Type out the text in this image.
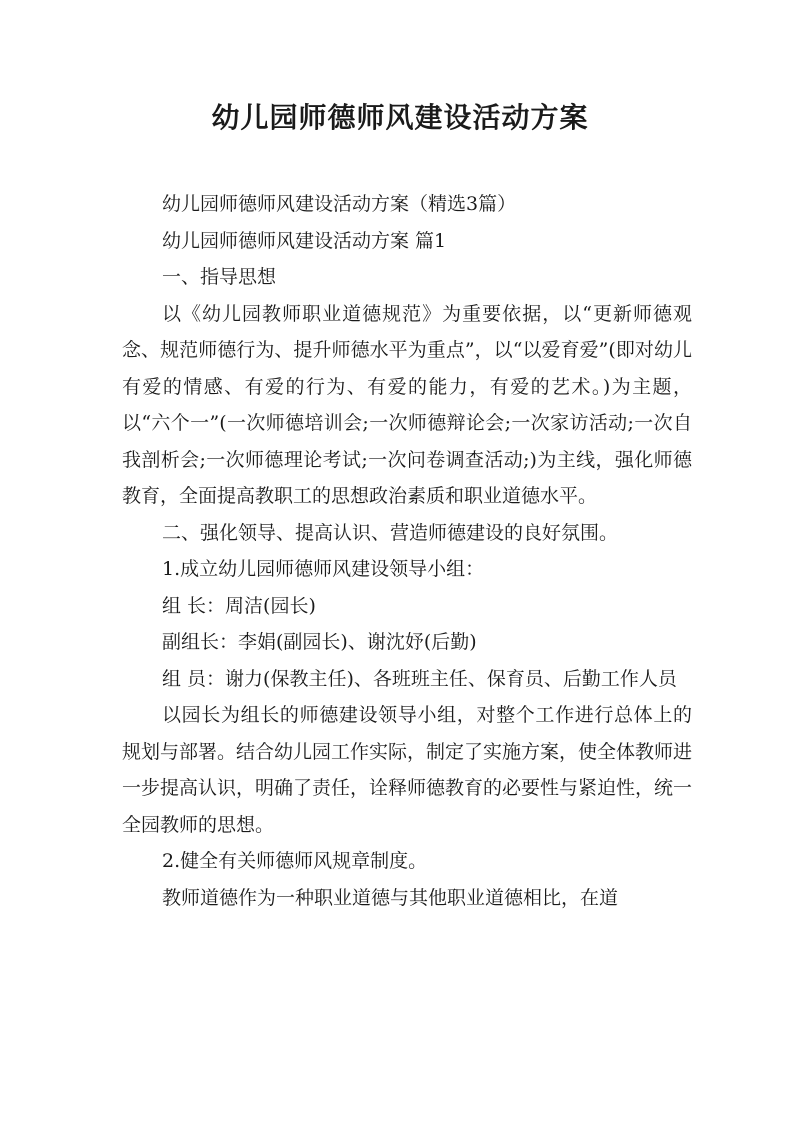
幼儿园师德师风建设活动方案

幼儿园师德师风建设活动方案（精选3篇）

幼儿园师德师风建设活动方案 篇1

一、指导思想

以《幼儿园教师职业道德规范》为重要依据，以“更新师德观念、规范师德行为、提升师德水平为重点”，以“以爱育爱”(即对幼儿有爱的情感、有爱的行为、有爱的能力，有爱的艺术。)为主题，以“六个一”(一次师德培训会;一次师德辩论会;一次家访活动;一次自我剖析会;一次师德理论考试;一次问卷调查活动;)为主线，强化师德教育，全面提高教职工的思想政治素质和职业道德水平。

二、强化领导、提高认识、营造师德建设的良好氛围。

1.成立幼儿园师德师风建设领导小组：

组 长：周洁(园长)

副组长：李娟(副园长)、谢沈妤(后勤)

组 员：谢力(保教主任)、各班班主任、保育员、后勤工作人员

以园长为组长的师德建设领导小组，对整个工作进行总体上的规划与部署。结合幼儿园工作实际，制定了实施方案，使全体教师进一步提高认识，明确了责任，诠释师德教育的必要性与紧迫性，统一全园教师的思想。

2.健全有关师德师风规章制度。

教师道德作为一种职业道德与其他职业道德相比，在道
